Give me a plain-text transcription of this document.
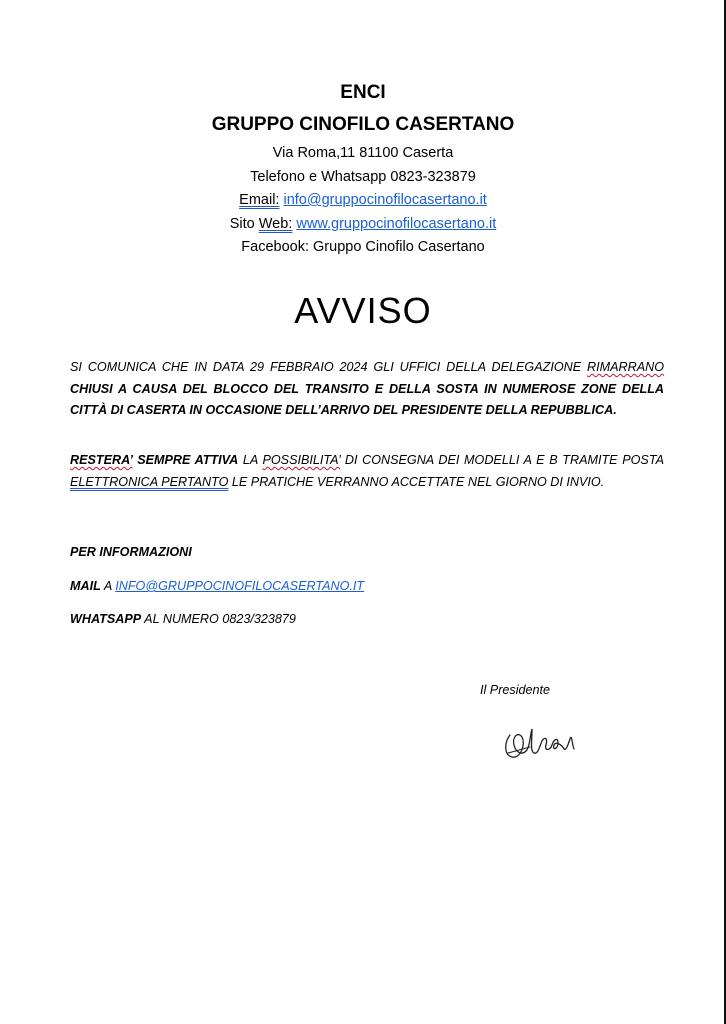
ENCI
GRUPPO CINOFILO CASERTANO
Via Roma,11 81100 Caserta
Telefono e Whatsapp 0823-323879
Email: info@gruppocinofilocasertano.it
Sito Web: www.gruppocinofilocasertano.it
Facebook: Gruppo Cinofilo Casertano
AVVISO
SI COMUNICA CHE IN DATA 29 FEBBRAIO 2024 GLI UFFICI DELLA DELEGAZIONE RIMARRANO CHIUSI A CAUSA DEL BLOCCO DEL TRANSITO E DELLA SOSTA IN NUMEROSE ZONE DELLA CITTÀ DI CASERTA IN OCCASIONE DELL’ARRIVO DEL PRESIDENTE DELLA REPUBBLICA.
RESTERA’ SEMPRE ATTIVA LA POSSIBILITA’ DI CONSEGNA DEI MODELLI A E B TRAMITE POSTA ELETTRONICA PERTANTO LE PRATICHE VERRANNO ACCETTATE NEL GIORNO DI INVIO.
PER INFORMAZIONI
MAIL A INFO@GRUPPOCINOFILOCASERTANO.IT
WHATSAPP AL NUMERO 0823/323879
Il Presidente
